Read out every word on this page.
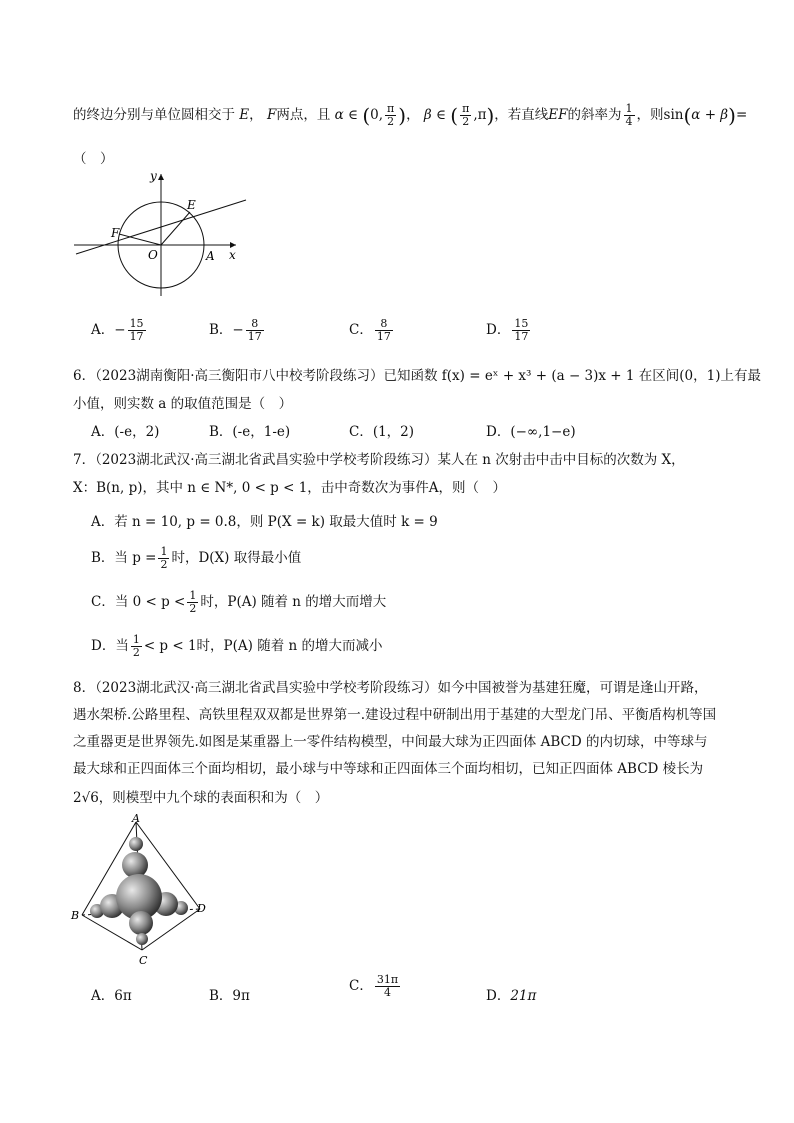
的终边分别与单位圆相交于 E， F两点，且 α ∈ (0, $\frac{\pi}{2}$ )， β ∈ ( $\frac{\pi}{2} ,\pi$)，若直线EF的斜率为 $\frac{1}{4}$ ，则sin(α + β)=
（　）
y
x
E
F
O	A
A．− $\frac{15}{17}$	B．− $\frac{8}{17}$	C． $\frac{8}{17}$	D． $\frac{15}{17}$
6．（2023湖南衡阳·高三衡阳市八中校考阶段练习）已知函数 f(x) = eˣ + x³ + (a − 3)x + 1 在区间(0，1)上有最
小值，则实数 a 的取值范围是（　）
A．(-e，2)	B．(-e，1-e)	C．(1，2)	D．(−∞,1−e)
7．（2023湖北武汉·高三湖北省武昌实验中学校考阶段练习）某人在 n 次射击中击中目标的次数为 X，
X：B(n, p)，其中 n ∈ N*, 0 < p < 1，击中奇数次为事件A，则（　）
A．若 n = 10, p = 0.8，则 P(X = k) 取最大值时 k = 9
B．当 $p = \frac{1}{2}$ 时，D(X) 取得最小值
C．当 $0 < p < \frac{1}{2}$ 时，P(A) 随着 n 的增大而增大
D．当 $\frac{1}{2} < p < 1$时，P(A) 随着 n 的增大而减小
8．（2023湖北武汉·高三湖北省武昌实验中学校考阶段练习）如今中国被誉为基建狂魔，可谓是逢山开路，
遇水架桥.公路里程、高铁里程双双都是世界第一.建设过程中研制出用于基建的大型龙门吊、平衡盾构机等国
之重器更是世界领先.如图是某重器上一零件结构模型，中间最大球为正四面体 ABCD 的内切球，中等球与
最大球和正四面体三个面均相切，最小球与中等球和正四面体三个面均相切，已知正四面体 ABCD 棱长为
2√6，则模型中九个球的表面积和为（　）
A
B
C
D
A．6π	B．9π
C． $\frac{31\pi}{4}$	D．21π
